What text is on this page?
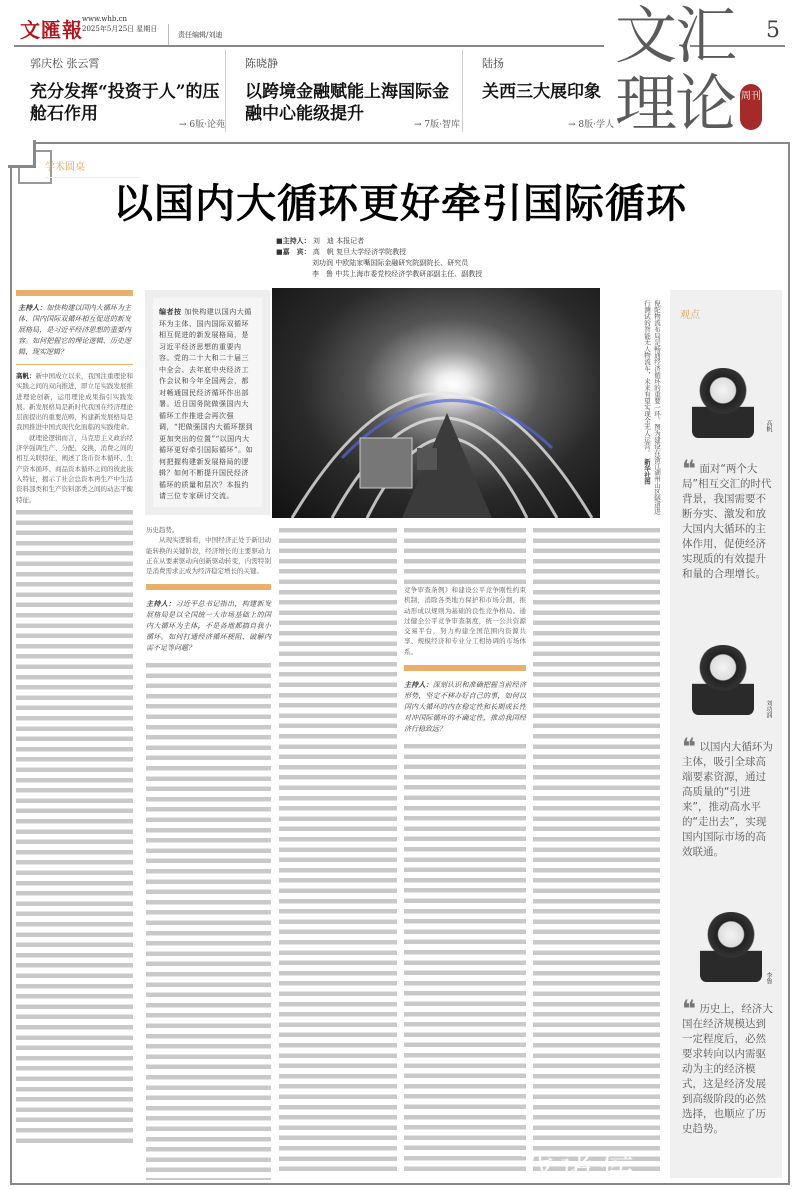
文匯報 www.whb.cn
2025年5月25日 星期日
责任编辑/刘迪	5
郭庆松 张云霄
充分发挥“投资于人”的压舱石作用
→ 6版·论苑
陈晓静
以跨境金融赋能上海国际金融中心能级提升
→ 7版·智库
陆扬
关西三大展印象
→ 8版·学人
文汇
理论 周刊
学术圆桌
以国内大循环更好牵引国际循环
■主持人： 刘　迪 本报记者
■嘉　宾： 高　帆 复旦大学经济学院教授
刘功润 中欧陆家嘴国际金融研究院副院长、研究员
李　鲁 中共上海市委党校经济学教研部副主任、副教授
主持人：加快构建以国内大循环为主体、国内国际双循环相互促进的新发展格局，是习近平经济思想的重要内容。如何把握它的理论逻辑、历史逻辑、现实逻辑？
高帆：新中国成立以来，我国注重理论和实践之间的双向推进，即立足实践发展推进理论创新，运用理论成果指引实践发展。新发展格局是新时代我国在经济理论层面提出的重要范畴，构建新发展格局是我国推进中国式现代化面临的实践使命。
就理论逻辑而言，马克思主义政治经济学强调生产、分配、交换、消费之间的相互关联特征，阐述了货币资本循环、生产资本循环、商品资本循环之间的彼此嵌入特征，揭示了社会总资本再生产中生活资料部类和生产资料部类之间的动态平衡特征。
编者按 加快构建以国内大循环为主体、国内国际双循环相互促进的新发展格局，是习近平经济思想的重要内容。党的二十大和二十届三中全会、去年底中央经济工作会议和今年全国两会，都对畅通国民经济循环作出部署。近日国务院做强国内大循环工作推进会再次强调，“把做强国内大循环摆到更加突出的位置”“以国内大循环更好牵引国际循环”。如何把握构建新发展格局的逻辑？如何不断提升国民经济循环的质量和层次？本报约请三位专家研讨交流。	倪陀物流布局是畅通经济循环的重要一环。图为建设在浙江湖州山区隧道进行测试的智能无人物流车，未来有望实现全无人运营。 新华社图
历史趋势。
从现实逻辑看，中国经济正处于新旧动能转换的关键阶段，经济增长的主要驱动力正在从要素驱动向创新驱动转变，内需特别是消费需求正成为经济稳定增长的关键。
主持人：习近平总书记指出，构建新发展格局是以全国统一大市场基础上的国内大循环为主体，不是各地都搞自我小循环。如何打通经济循环梗阻、破解内需不足等问题？
竞争审查条例》和建设公平竞争刚性约束机制，消除各类地方保护和市场分割，推动形成以规则为基础的良性竞争格局。通过健全公平竞争审查制度，统一公共资源交易平台，努力构建全国范围内资源共享、规模经济和专业分工相协调的市场体系。
主持人：深刻认识和准确把握当前经济形势，坚定不移办好自己的事，如何以国内大循环的内在稳定性和长期成长性对冲国际循环的不确定性，推动我国经济行稳致远？
观点
高帆
❝ 面对“两个大局”相互交汇的时代背景，我国需要不断夯实、激发和放大国内大循环的主体作用，促使经济实现质的有效提升和量的合理增长。
刘功润
❝ 以国内大循环为主体，吸引全球高端要素资源，通过高质量的“引进来”，推动高水平的“走出去”，实现国内国际市场的高效联通。
李鲁
❝ 历史上，经济大国在经济规模达到一定程度后，必然要求转向以内需驱动为主的经济模式，这是经济发展到高级阶段的必然选择，也顺应了历史趋势。
戏诸侯
